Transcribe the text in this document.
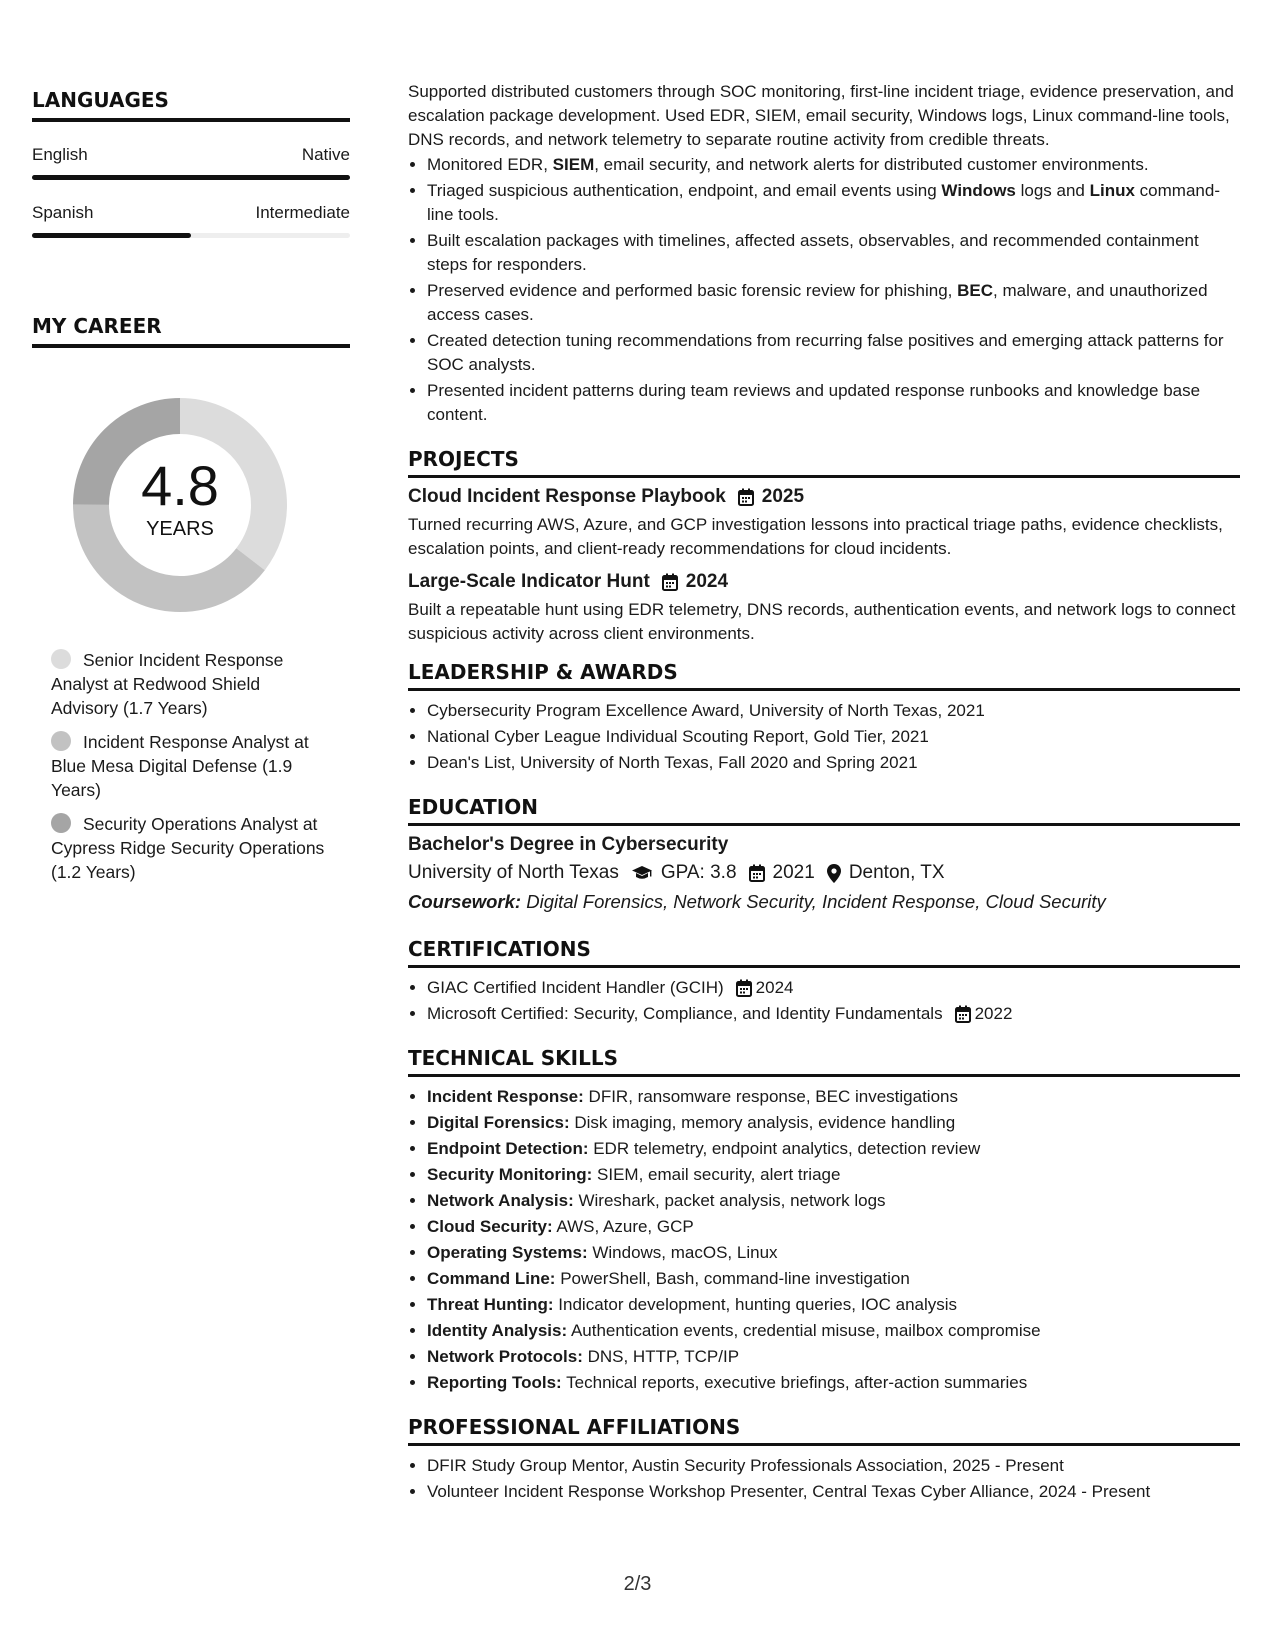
LANGUAGES
English	Native
Spanish	Intermediate
MY CAREER
4.8
YEARS
Senior Incident Response Analyst at Redwood Shield Advisory (1.7 Years)
Incident Response Analyst at Blue Mesa Digital Defense (1.9 Years)
Security Operations Analyst at Cypress Ridge Security Operations (1.2 Years)

Supported distributed customers through SOC monitoring, first-line incident triage, evidence preservation, and escalation package development. Used EDR, SIEM, email security, Windows logs, Linux command-line tools, DNS records, and network telemetry to separate routine activity from credible threats.

• Monitored EDR, SIEM, email security, and network alerts for distributed customer environments.
• Triaged suspicious authentication, endpoint, and email events using Windows logs and Linux command-line tools.
• Built escalation packages with timelines, affected assets, observables, and recommended containment steps for responders.
• Preserved evidence and performed basic forensic review for phishing, BEC, malware, and unauthorized access cases.
• Created detection tuning recommendations from recurring false positives and emerging attack patterns for SOC analysts.
• Presented incident patterns during team reviews and updated response runbooks and knowledge base content.
PROJECTS
Cloud Incident Response Playbook 2025
Turned recurring AWS, Azure, and GCP investigation lessons into practical triage paths, evidence checklists, escalation points, and client-ready recommendations for cloud incidents.
Large-Scale Indicator Hunt 2024
Built a repeatable hunt using EDR telemetry, DNS records, authentication events, and network logs to connect suspicious activity across client environments.
LEADERSHIP & AWARDS
• Cybersecurity Program Excellence Award, University of North Texas, 2021
• National Cyber League Individual Scouting Report, Gold Tier, 2021
• Dean's List, University of North Texas, Fall 2020 and Spring 2021
EDUCATION
Bachelor's Degree in Cybersecurity
University of North Texas GPA: 3.8 2021 Denton, TX
Coursework: Digital Forensics, Network Security, Incident Response, Cloud Security
CERTIFICATIONS
• GIAC Certified Incident Handler (GCIH) 2024
• Microsoft Certified: Security, Compliance, and Identity Fundamentals 2022
TECHNICAL SKILLS
• Incident Response: DFIR, ransomware response, BEC investigations
• Digital Forensics: Disk imaging, memory analysis, evidence handling
• Endpoint Detection: EDR telemetry, endpoint analytics, detection review
• Security Monitoring: SIEM, email security, alert triage
• Network Analysis: Wireshark, packet analysis, network logs
• Cloud Security: AWS, Azure, GCP
• Operating Systems: Windows, macOS, Linux
• Command Line: PowerShell, Bash, command-line investigation
• Threat Hunting: Indicator development, hunting queries, IOC analysis
• Identity Analysis: Authentication events, credential misuse, mailbox compromise
• Network Protocols: DNS, HTTP, TCP/IP
• Reporting Tools: Technical reports, executive briefings, after-action summaries
PROFESSIONAL AFFILIATIONS
• DFIR Study Group Mentor, Austin Security Professionals Association, 2025 - Present
• Volunteer Incident Response Workshop Presenter, Central Texas Cyber Alliance, 2024 - Present
2/3
